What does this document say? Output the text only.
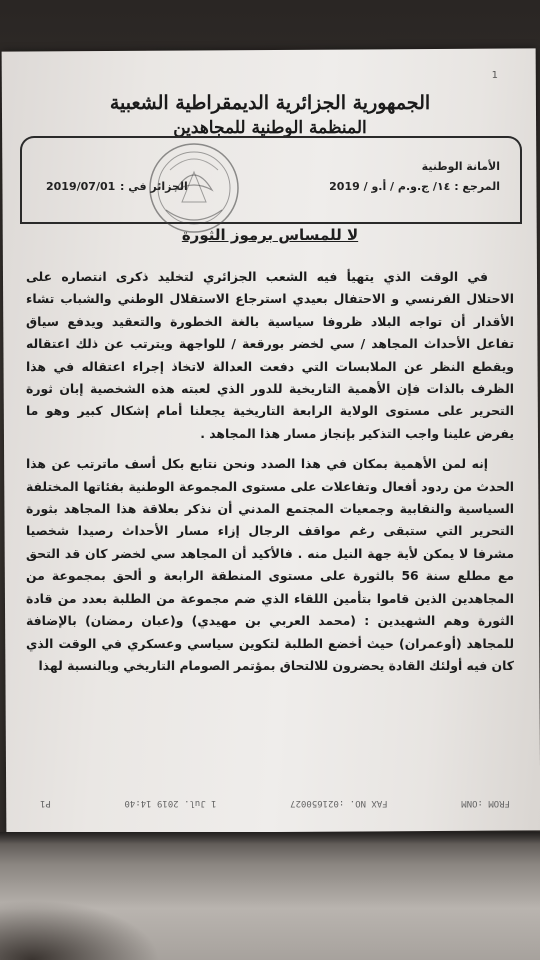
1
الجمهورية الجزائرية الديمقراطية الشعبية
المنظمة الوطنية للمجاهدين
الأمانة الوطنية
المرجع : ١٤/ ج.و.م / أ.و / 2019
2019/07/01 الجزائر في :
لا للمساس برموز الثورة

في الوقت الذي يتهيأ فيه الشعب الجزائري لتخليد ذكرى انتصاره على الاحتلال الفرنسي و الاحتفال بعيدي استرجاع الاستقلال الوطني والشباب تشاء الأقدار أن تواجه البلاد ظروفا سياسية بالغة الخطورة والتعقيد ويدفع سياق تفاعل الأحداث المجاهد / سي لخضر بورقعة / للواجهة ويترتب عن ذلك اعتقاله ويقطع النظر عن الملابسات التي دفعت العدالة لاتخاذ إجراء اعتقاله في هذا الظرف بالذات فإن الأهمية التاريخية للدور الذي لعبته هذه الشخصية إبان ثورة التحرير على مستوى الولاية الرابعة التاريخية يجعلنا أمام إشكال كبير وهو ما يفرض علينا واجب التذكير بإنجاز مسار هذا المجاهد .

إنه لمن الأهمية بمكان في هذا الصدد ونحن نتابع بكل أسف ماترتب عن هذا الحدث من ردود أفعال وتفاعلات على مستوى المجموعة الوطنية بفئاتها المختلفة السياسية والنقابية وجمعيات المجتمع المدني أن نذكر بعلاقة هذا المجاهد بثورة التحرير التي ستبقى رغم مواقف الرجال إزاء مسار الأحداث رصيدا شخصيا مشرفا لا يمكن لأية جهة النيل منه . فالأكيد أن المجاهد سي لخضر كان قد التحق مع مطلع سنة 56 بالثورة على مستوى المنطقة الرابعة و ألحق بمجموعة من المجاهدين الذين قاموا بتأمين اللقاء الذي ضم مجموعة من الطلبة بعدد من قادة الثورة وهم الشهيدين : (محمد العربي بن مهيدي) و(عبان رمضان) بالإضافة للمجاهد (أوعمران) حيث أخضع الطلبة لتكوين سياسي وعسكري في الوقت الذي كان فيه أولئك القادة يحضرون للالتحاق بمؤتمر الصومام التاريخي وبالنسبة لهذا

FROM :ONM
FAX NO. :021650027
1 Jul. 2019 14:40
P1
